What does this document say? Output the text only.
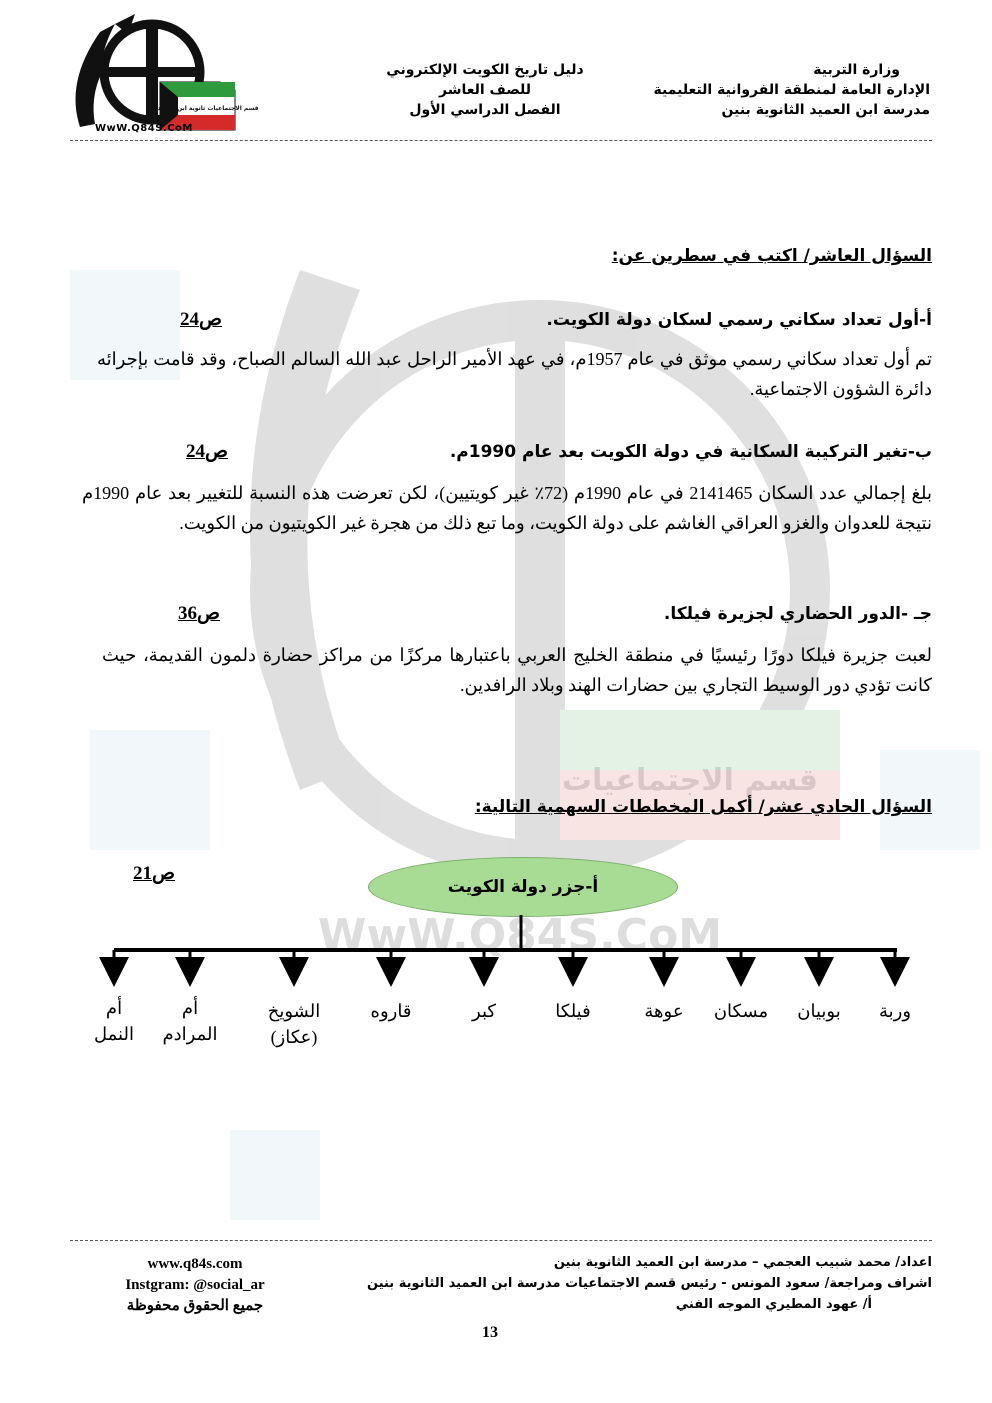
WwW.Q84S.CoM
قسم الاجتماعيات
وزارة التربية
الإدارة العامة لمنطقة الفروانية التعليمية
مدرسة ابن العميد الثانوية بنين
دليل تاريخ الكويت الإلكتروني
للصف العاشر
الفصل الدراسي الأول
قسم الاجتماعيات ثانوية ابن العميد
WwW.Q84S.CoM
السؤال العاشر/ اكتب في سطرين عن:
أ-أول تعداد سكاني رسمي لسكان دولة الكويت.
ص24
تم أول تعداد سكاني رسمي موثق في عام 1957م، في عهد الأمير الراحل عبد الله السالم الصباح، وقد قامت بإجرائه دائرة الشؤون الاجتماعية.
ب-تغير التركيبة السكانية في دولة الكويت بعد عام 1990م.
ص24
بلغ إجمالي عدد السكان 2141465 في عام 1990م (72٪ غير كويتيين)، لكن تعرضت هذه النسبة للتغيير بعد عام 1990م نتيجة للعدوان والغزو العراقي الغاشم على دولة الكويت، وما تبع ذلك من هجرة غير الكويتيون من الكويت.
جـ -الدور الحضاري لجزيرة فيلكا.
ص36
لعبت جزيرة فيلكا دورًا رئيسيًا في منطقة الخليج العربي باعتبارها مركزًا من مراكز حضارة دلمون القديمة، حيث كانت تؤدي دور الوسيط التجاري بين حضارات الهند وبلاد الرافدين.
السؤال الحادي عشر/ أكمل المخططات السهمية التالية:
ص21
أ-جزر دولة الكويت
وربة
بوبيان
مسكان
عوهة
فيلكا
كبر
قاروه
الشويخ
(عكاز)
أم
المرادم
أم
النمل
اعداد/ محمد شبيب العجمي – مدرسة ابن العميد الثانوية بنين
اشراف ومراجعة/ سعود المونس - رئيس قسم الاجتماعيات مدرسة ابن العميد الثانوية بنين
أ/ عهود المطيري الموجه الفني
www.q84s.com
Instgram: @social_ar
جميع الحقوق محفوظة
13
